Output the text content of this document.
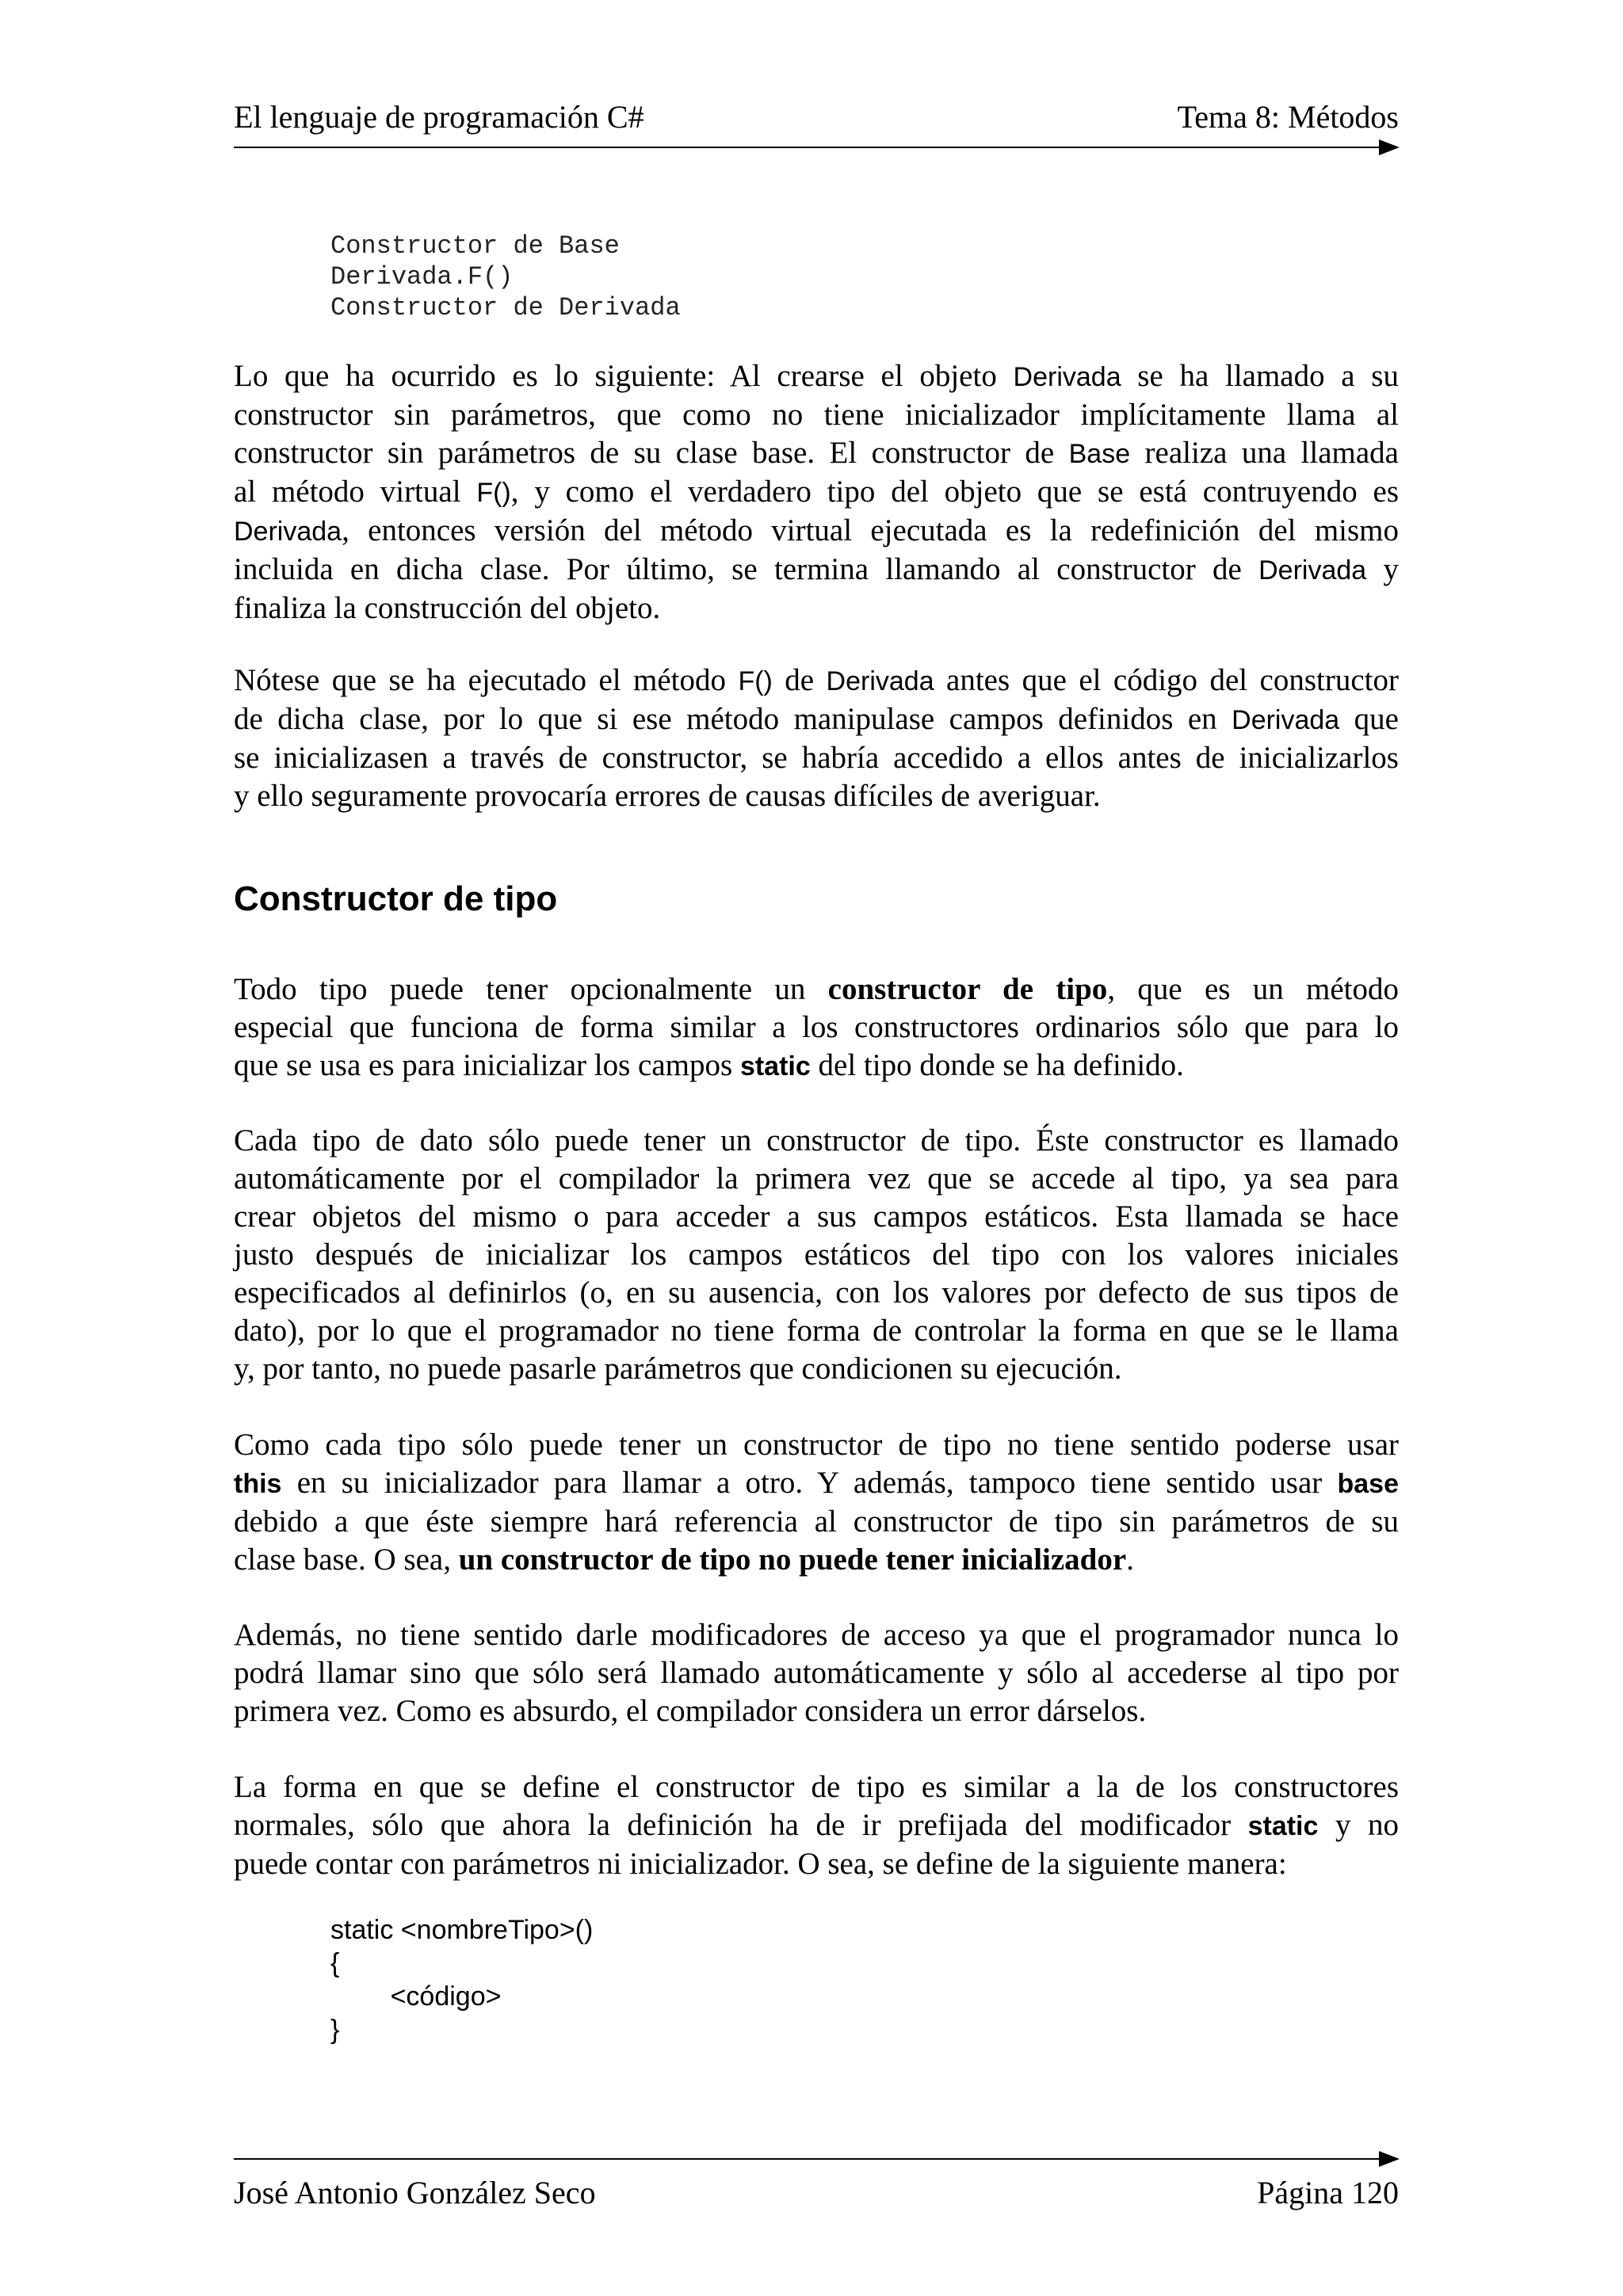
El lenguaje de programación C#	Tema 8: Métodos
Constructor de Base
Derivada.F()
Constructor de Derivada
Lo que ha ocurrido es lo siguiente: Al crearse el objeto Derivada se ha llamado a su
constructor sin parámetros, que como no tiene inicializador implícitamente llama al
constructor sin parámetros de su clase base. El constructor de Base realiza una llamada
al método virtual F(), y como el verdadero tipo del objeto que se está contruyendo es
Derivada, entonces versión del método virtual ejecutada es la redefinición del mismo
incluida en dicha clase. Por último, se termina llamando al constructor de Derivada y
finaliza la construcción del objeto.
Nótese que se ha ejecutado el método F() de Derivada antes que el código del constructor
de dicha clase, por lo que si ese método manipulase campos definidos en Derivada que
se inicializasen a través de constructor, se habría accedido a ellos antes de inicializarlos
y ello seguramente provocaría errores de causas difíciles de averiguar.
Constructor de tipo
Todo tipo puede tener opcionalmente un constructor de tipo, que es un método
especial que funciona de forma similar a los constructores ordinarios sólo que para lo
que se usa es para inicializar los campos static del tipo donde se ha definido.
Cada tipo de dato sólo puede tener un constructor de tipo. Éste constructor es llamado
automáticamente por el compilador la primera vez que se accede al tipo, ya sea para
crear objetos del mismo o para acceder a sus campos estáticos. Esta llamada se hace
justo después de inicializar los campos estáticos del tipo con los valores iniciales
especificados al definirlos (o, en su ausencia, con los valores por defecto de sus tipos de
dato), por lo que el programador no tiene forma de controlar la forma en que se le llama
y, por tanto, no puede pasarle parámetros que condicionen su ejecución.
Como cada tipo sólo puede tener un constructor de tipo no tiene sentido poderse usar
this en su inicializador para llamar a otro. Y además, tampoco tiene sentido usar base
debido a que éste siempre hará referencia al constructor de tipo sin parámetros de su
clase base. O sea, un constructor de tipo no puede tener inicializador.
Además, no tiene sentido darle modificadores de acceso ya que el programador nunca lo
podrá llamar sino que sólo será llamado automáticamente y sólo al accederse al tipo por
primera vez. Como es absurdo, el compilador considera un error dárselos.
La forma en que se define el constructor de tipo es similar a la de los constructores
normales, sólo que ahora la definición ha de ir prefijada del modificador static y no
puede contar con parámetros ni inicializador. O sea, se define de la siguiente manera:
static <nombreTipo>()
{
<código>
}
José Antonio González Seco	Página 120
